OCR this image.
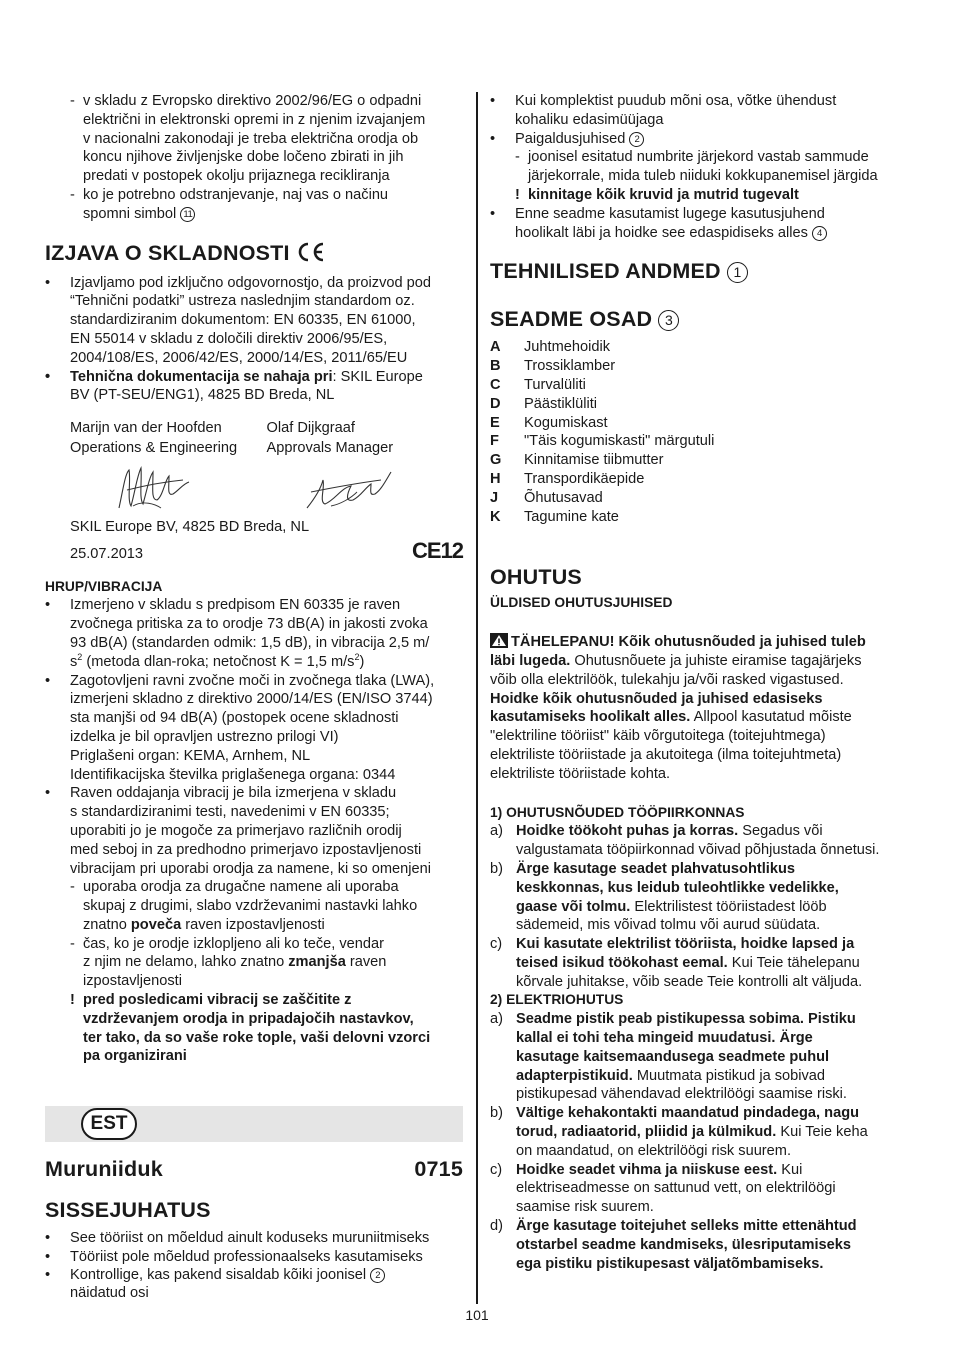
- v skladu z Evropsko direktivo 2002/96/EG o odpadni
električni in elektronski opremi in z njenim izvajanjem
v nacionalni zakonodaji je treba električna orodja ob
koncu njihove življenjske dobe ločeno zbirati in jih
predati v postopek okolju prijaznega recikliranja
- ko je potrebno odstranjevanje, naj vas o načinu
spomni simbol 11
IZJAVA O SKLADNOSTI
• Izjavljamo pod izključno odgovornostjo, da proizvod pod
“Tehnični podatki” ustreza naslednjim standardom oz.
standardiziranim dokumentom: EN 60335, EN 61000,
EN 55014 v skladu z določili direktiv 2006/95/ES,
2004/108/ES, 2006/42/ES, 2000/14/ES, 2011/65/EU
• Tehnična dokumentacija se nahaja pri: SKIL Europe
BV (PT-SEU/ENG1), 4825 BD Breda, NL
Marijn van der Hoofden
Operations & Engineering
Olaf Dijkgraaf
Approvals Manager
SKIL Europe BV, 4825 BD Breda, NL
25.07.2013	CE12
HRUP/VIBRACIJA
• Izmerjeno v skladu s predpisom EN 60335 je raven
zvočnega pritiska za to orodje 73 dB(A) in jakosti zvoka
93 dB(A) (standarden odmik: 1,5 dB), in vibracija 2,5 m/
$s^2$ (metoda dlan-roka; netočnost K = 1,5 $m/s^2$)
• Zagotovljeni ravni zvočne moči in zvočnega tlaka (LWA),
izmerjeni skladno z direktivo 2000/14/ES (EN/ISO 3744)
sta manjši od 94 dB(A) (postopek ocene skladnosti
izdelka je bil opravljen ustrezno prilogi VI)
Priglašeni organ: KEMA, Arnhem, NL
Identifikacijska številka priglašenega organa: 0344
• Raven oddajanja vibracij je bila izmerjena v skladu
s standardiziranimi testi, navedenimi v EN 60335;
uporabiti jo je mogoče za primerjavo različnih orodij
med seboj in za predhodno primerjavo izpostavljenosti
vibracijam pri uporabi orodja za namene, ki so omenjeni
- uporaba orodja za drugačne namene ali uporaba
skupaj z drugimi, slabo vzdrževanimi nastavki lahko
znatno poveča raven izpostavljenosti
- čas, ko je orodje izklopljeno ali ko teče, vendar
z njim ne delamo, lahko znatno zmanjša raven
izpostavljenosti
! pred posledicami vibracij se zaščitite z
vzdrževanjem orodja in pripadajočih nastavkov,
ter tako, da so vaše roke tople, vaši delovni vzorci
pa organizirani
EST
Muruniiduk	0715
SISSEJUHATUS
• See tööriist on mõeldud ainult koduseks muruniitmiseks
• Tööriist pole mõeldud professionaalseks kasutamiseks
• Kontrollige, kas pakend sisaldab kõiki joonisel 2
näidatud osi
• Kui komplektist puudub mõni osa, võtke ühendust
kohaliku edasimüüjaga
• Paigaldusjuhised 2
- joonisel esitatud numbrite järjekord vastab sammude
järjekorrale, mida tuleb niiduki kokkupanemisel järgida
! kinnitage kõik kruvid ja mutrid tugevalt
• Enne seadme kasutamist lugege kasutusjuhend
hoolikalt läbi ja hoidke see edaspidiseks alles 4
TEHNILISED ANDMED 1
SEADME OSAD 3
A Juhtmehoidik
B Trossiklamber
C Turvalüliti
D Päästiklüliti
E Kogumiskast
F "Täis kogumiskasti" märgutuli
G Kinnitamise tiibmutter
H Transpordikäepide
J Õhutusavad
K Tagumine kate
OHUTUS
ÜLDISED OHUTUSJUHISED
TÄHELEPANU! Kõik ohutusnõuded ja juhised tuleb
läbi lugeda. Ohutusnõuete ja juhiste eiramise tagajärjeks
võib olla elektrilöök, tulekahju ja/või rasked vigastused.
Hoidke kõik ohutusnõuded ja juhised edasiseks
kasutamiseks hoolikalt alles. Allpool kasutatud mõiste
"elektriline tööriist" käib võrgutoitega (toitejuhtmega)
elektriliste tööriistade ja akutoitega (ilma toitejuhtmeta)
elektriliste tööriistade kohta.
1) OHUTUSNÕUDED TÖÖPIIRKONNAS
a) Hoidke töökoht puhas ja korras. Segadus või
valgustamata tööpiirkonnad võivad põhjustada õnnetusi.
b) Ärge kasutage seadet plahvatusohtlikus
keskkonnas, kus leidub tuleohtlikke vedelikke,
gaase või tolmu. Elektrilistest tööriistadest lööb
sädemeid, mis võivad tolmu või aurud süüdata.
c) Kui kasutate elektrilist tööriista, hoidke lapsed ja
teised isikud töökohast eemal. Kui Teie tähelepanu
kõrvale juhitakse, võib seade Teie kontrolli alt väljuda.
2) ELEKTRIOHUTUS
a) Seadme pistik peab pistikupessa sobima. Pistiku
kallal ei tohi teha mingeid muudatusi. Ärge
kasutage kaitsemaandusega seadmete puhul
adapterpistikuid. Muutmata pistikud ja sobivad
pistikupesad vähendavad elektrilöögi saamise riski.
b) Vältige kehakontakti maandatud pindadega, nagu
torud, radiaatorid, pliidid ja külmikud. Kui Teie keha
on maandatud, on elektrilöögi risk suurem.
c) Hoidke seadet vihma ja niiskuse eest. Kui
elektriseadmesse on sattunud vett, on elektrilöögi
saamise risk suurem.
d) Ärge kasutage toitejuhet selleks mitte ettenähtud
otstarbel seadme kandmiseks, ülesriputamiseks
ega pistiku pistikupesast väljatõmbamiseks.
101
